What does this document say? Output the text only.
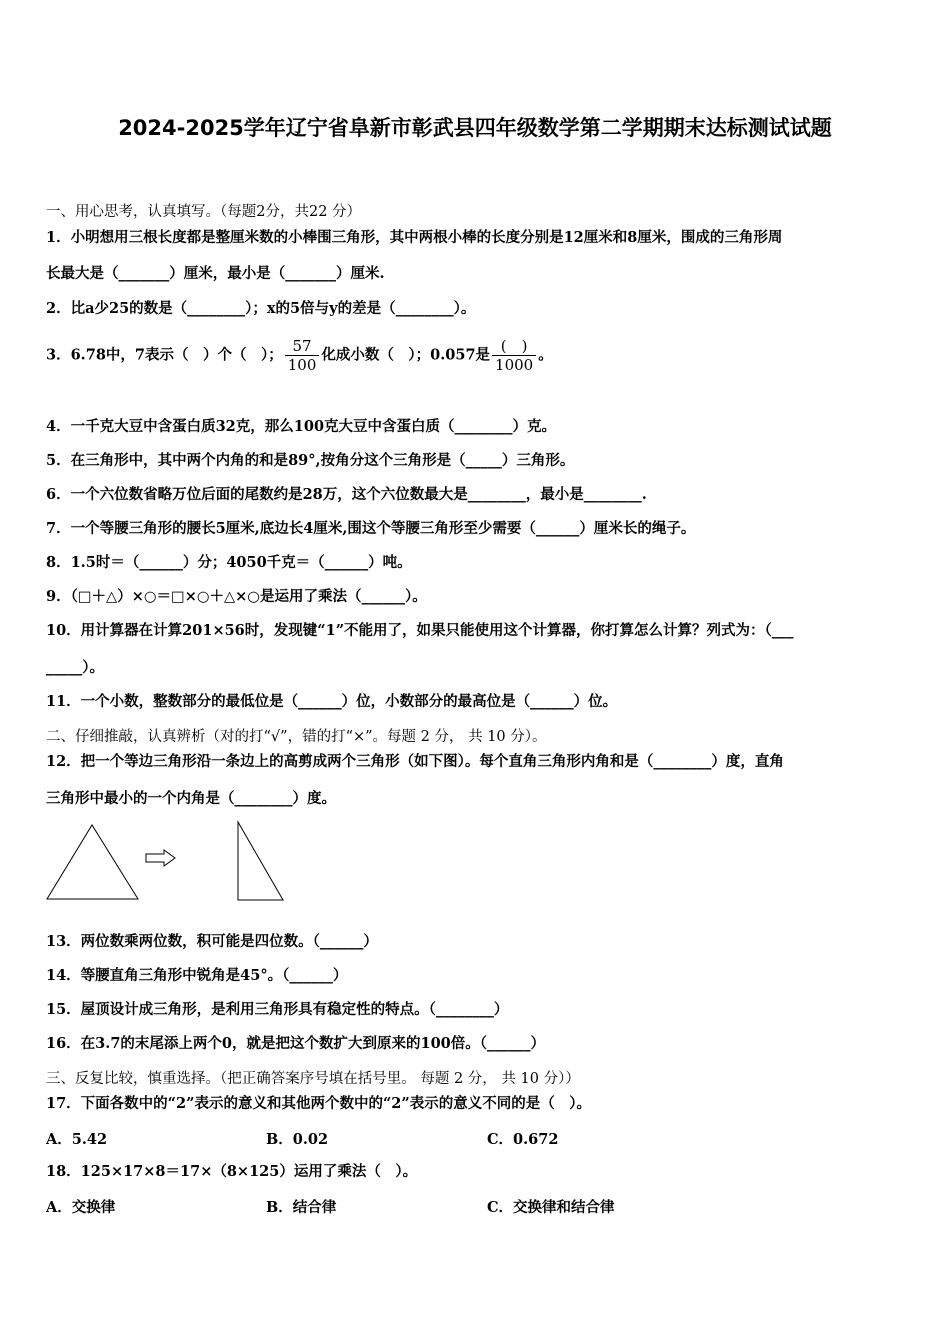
2024-2025学年辽宁省阜新市彰武县四年级数学第二学期期末达标测试试题
一、用心思考，认真填写。（每题2分，共22 分）
1．小明想用三根长度都是整厘米数的小棒围三角形，其中两根小棒的长度分别是12厘米和8厘米，围成的三角形周
长最大是（_______）厘米，最小是（_______）厘米.
2．比a少25的数是（________）；x的5倍与y的差是（________）。
3．6.78中，7表示（　）个（　）； $\frac{57}{100}$ 化成小数（　）；0.057是 $\frac{( )}{1000}$ 。
4．一千克大豆中含蛋白质32克，那么100克大豆中含蛋白质（________）克。
5．在三角形中，其中两个内角的和是89°,按角分这个三角形是（_____）三角形。
6．一个六位数省略万位后面的尾数约是28万，这个六位数最大是________，最小是________.
7．一个等腰三角形的腰长5厘米,底边长4厘米,围这个等腰三角形至少需要（______）厘米长的绳子。
8．1.5时＝（______）分；4050千克＝（______）吨。
9．（□＋△）×○＝□×○＋△×○是运用了乘法（______）。
10．用计算器在计算201×56时，发现键“1”不能用了，如果只能使用这个计算器，你打算怎么计算？列式为：（___
_____）。
11．一个小数，整数部分的最低位是（______）位，小数部分的最高位是（______）位。
二、仔细推敲，认真辨析（对的打“√”，错的打“×”。每题 2 分， 共 10 分）。
12．把一个等边三角形沿一条边上的高剪成两个三角形（如下图）。每个直角三角形内角和是（________）度，直角
三角形中最小的一个内角是（________）度。
13．两位数乘两位数，积可能是四位数。（______）
14．等腰直角三角形中锐角是45°。（______）
15．屋顶设计成三角形，是利用三角形具有稳定性的特点。（________）
16．在3.7的末尾添上两个0，就是把这个数扩大到原来的100倍。（______）
三、反复比较，慎重选择。（把正确答案序号填在括号里。 每题 2 分， 共 10 分））
17．下面各数中的“2”表示的意义和其他两个数中的“2”表示的意义不同的是（　）。
A．5.42	B．0.02	C．0.672
18．125×17×8＝17×（8×125）运用了乘法（　）。
A．交换律	B．结合律	C．交换律和结合律
